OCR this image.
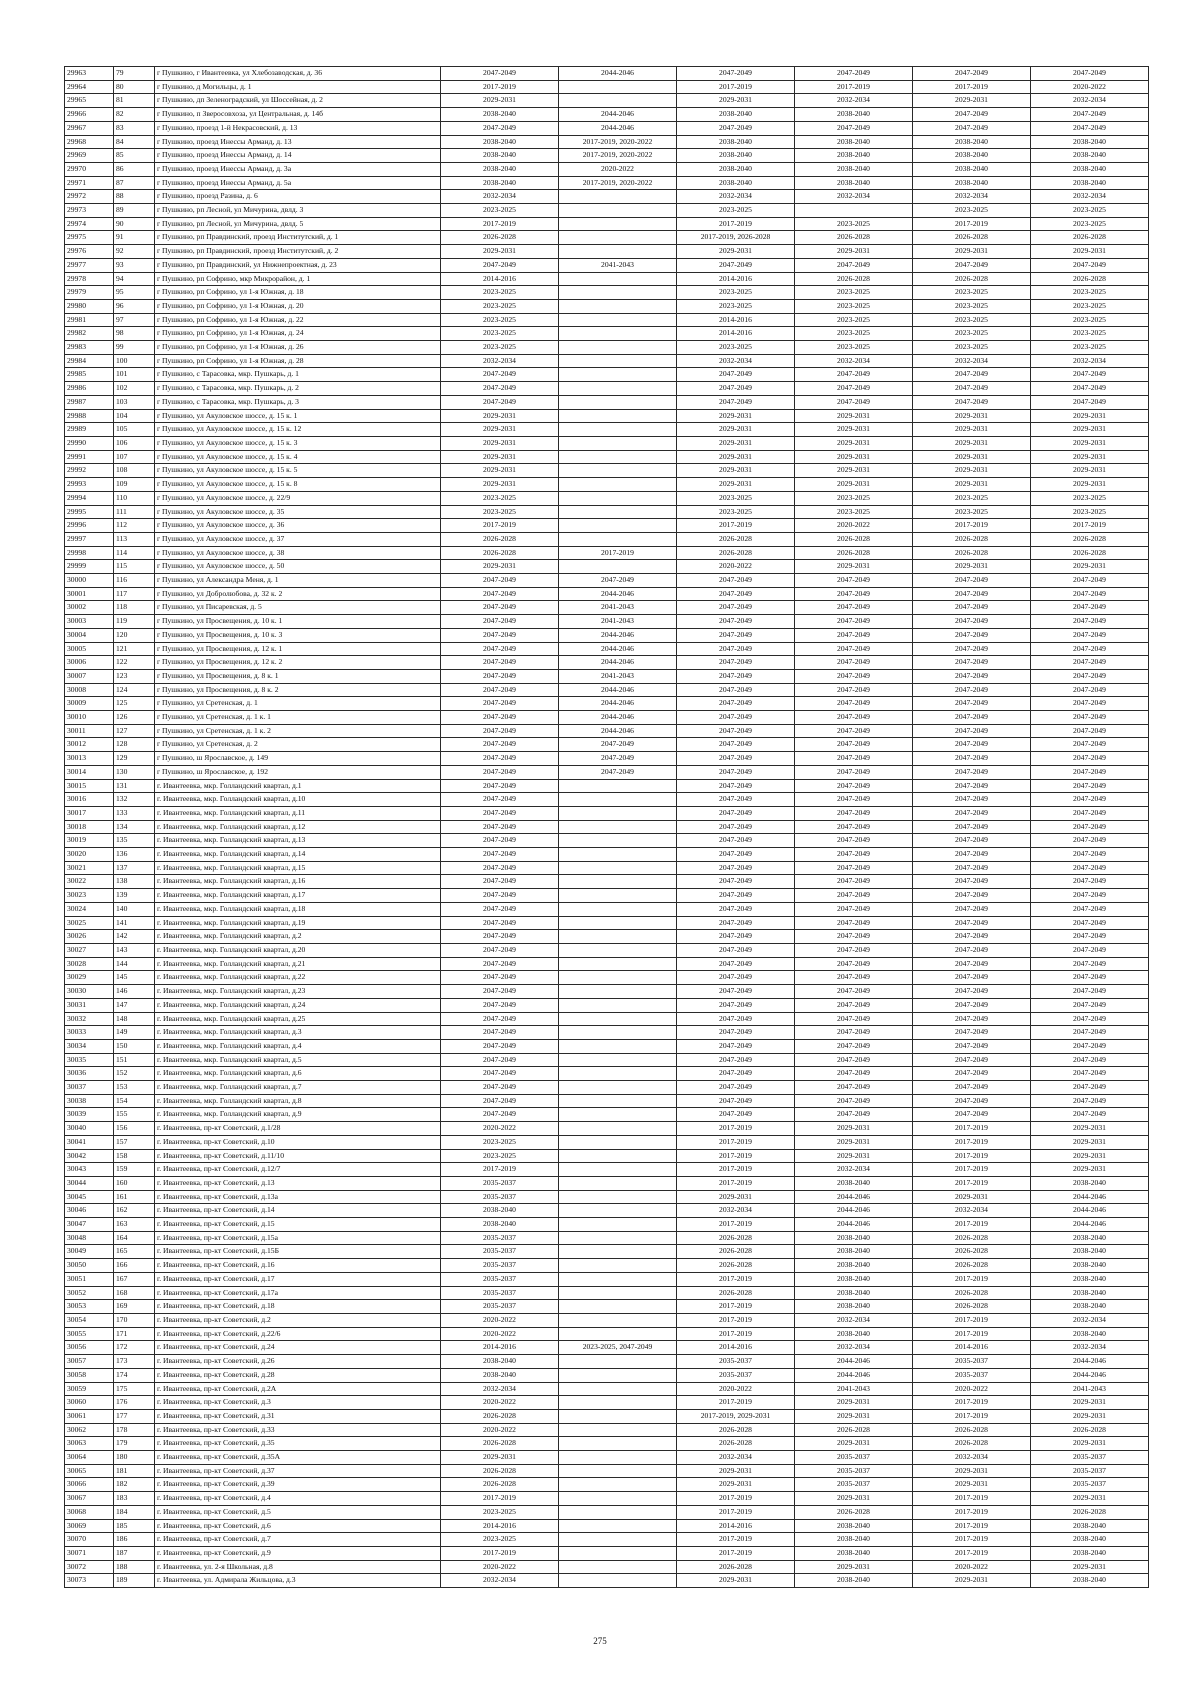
29963	79	г Пушкино, г Ивантеевка, ул Хлебозаводская, д. 36	2047-2049	2044-2046	2047-2049	2047-2049	2047-2049	2047-2049
29964	80	г Пушкино, д Могильцы, д. 1	2017-2019		2017-2019	2017-2019	2017-2019	2020-2022
29965	81	г Пушкино, дп Зеленоградский, ул Шоссейная, д. 2	2029-2031		2029-2031	2032-2034	2029-2031	2032-2034
29966	82	г Пушкино, п Зверосовхоза, ул Центральная, д. 14б	2038-2040	2044-2046	2038-2040	2038-2040	2047-2049	2047-2049
29967	83	г Пушкино, проезд 1-й Некрасовский, д. 13	2047-2049	2044-2046	2047-2049	2047-2049	2047-2049	2047-2049
29968	84	г Пушкино, проезд Инессы Арманд, д. 13	2038-2040	2017-2019, 2020-2022	2038-2040	2038-2040	2038-2040	2038-2040
29969	85	г Пушкино, проезд Инессы Арманд, д. 14	2038-2040	2017-2019, 2020-2022	2038-2040	2038-2040	2038-2040	2038-2040
29970	86	г Пушкино, проезд Инессы Арманд, д. 3а	2038-2040	2020-2022	2038-2040	2038-2040	2038-2040	2038-2040
29971	87	г Пушкино, проезд Инессы Арманд, д. 5а	2038-2040	2017-2019, 2020-2022	2038-2040	2038-2040	2038-2040	2038-2040
29972	88	г Пушкино, проезд Разина, д. 6	2032-2034		2032-2034	2032-2034	2032-2034	2032-2034
29973	89	г Пушкино, рп Лесной, ул Мичурина, двлд. 3	2023-2025		2023-2025		2023-2025	2023-2025
29974	90	г Пушкино, рп Лесной, ул Мичурина, двлд. 5	2017-2019		2017-2019	2023-2025	2017-2019	2023-2025
29975	91	г Пушкино, рп Правдинский, проезд Институтский, д. 1	2026-2028		2017-2019, 2026-2028	2026-2028	2026-2028	2026-2028
29976	92	г Пушкино, рп Правдинский, проезд Институтский, д. 2	2029-2031		2029-2031	2029-2031	2029-2031	2029-2031
29977	93	г Пушкино, рп Правдинский, ул Нижнепроектная, д. 23	2047-2049	2041-2043	2047-2049	2047-2049	2047-2049	2047-2049
29978	94	г Пушкино, рп Софрино, мкр Микрорайон, д. 1	2014-2016		2014-2016	2026-2028	2026-2028	2026-2028
29979	95	г Пушкино, рп Софрино, ул 1-я Южная, д. 18	2023-2025		2023-2025	2023-2025	2023-2025	2023-2025
29980	96	г Пушкино, рп Софрино, ул 1-я Южная, д. 20	2023-2025		2023-2025	2023-2025	2023-2025	2023-2025
29981	97	г Пушкино, рп Софрино, ул 1-я Южная, д. 22	2023-2025		2014-2016	2023-2025	2023-2025	2023-2025
29982	98	г Пушкино, рп Софрино, ул 1-я Южная, д. 24	2023-2025		2014-2016	2023-2025	2023-2025	2023-2025
29983	99	г Пушкино, рп Софрино, ул 1-я Южная, д. 26	2023-2025		2023-2025	2023-2025	2023-2025	2023-2025
29984	100	г Пушкино, рп Софрино, ул 1-я Южная, д. 28	2032-2034		2032-2034	2032-2034	2032-2034	2032-2034
29985	101	г Пушкино, с Тарасовка, мкр. Пушкарь, д. 1	2047-2049		2047-2049	2047-2049	2047-2049	2047-2049
29986	102	г Пушкино, с Тарасовка, мкр. Пушкарь, д. 2	2047-2049		2047-2049	2047-2049	2047-2049	2047-2049
29987	103	г Пушкино, с Тарасовка, мкр. Пушкарь, д. 3	2047-2049		2047-2049	2047-2049	2047-2049	2047-2049
29988	104	г Пушкино, ул Акуловское шоссе, д. 15 к. 1	2029-2031		2029-2031	2029-2031	2029-2031	2029-2031
29989	105	г Пушкино, ул Акуловское шоссе, д. 15 к. 12	2029-2031		2029-2031	2029-2031	2029-2031	2029-2031
29990	106	г Пушкино, ул Акуловское шоссе, д. 15 к. 3	2029-2031		2029-2031	2029-2031	2029-2031	2029-2031
29991	107	г Пушкино, ул Акуловское шоссе, д. 15 к. 4	2029-2031		2029-2031	2029-2031	2029-2031	2029-2031
29992	108	г Пушкино, ул Акуловское шоссе, д. 15 к. 5	2029-2031		2029-2031	2029-2031	2029-2031	2029-2031
29993	109	г Пушкино, ул Акуловское шоссе, д. 15 к. 8	2029-2031		2029-2031	2029-2031	2029-2031	2029-2031
29994	110	г Пушкино, ул Акуловское шоссе, д. 22/9	2023-2025		2023-2025	2023-2025	2023-2025	2023-2025
29995	111	г Пушкино, ул Акуловское шоссе, д. 35	2023-2025		2023-2025	2023-2025	2023-2025	2023-2025
29996	112	г Пушкино, ул Акуловское шоссе, д. 36	2017-2019		2017-2019	2020-2022	2017-2019	2017-2019
29997	113	г Пушкино, ул Акуловское шоссе, д. 37	2026-2028		2026-2028	2026-2028	2026-2028	2026-2028
29998	114	г Пушкино, ул Акуловское шоссе, д. 38	2026-2028	2017-2019	2026-2028	2026-2028	2026-2028	2026-2028
29999	115	г Пушкино, ул Акуловское шоссе, д. 50	2029-2031		2020-2022	2029-2031	2029-2031	2029-2031
30000	116	г Пушкино, ул Александра Меня, д. 1	2047-2049	2047-2049	2047-2049	2047-2049	2047-2049	2047-2049
30001	117	г Пушкино, ул Добролюбова, д. 32 к. 2	2047-2049	2044-2046	2047-2049	2047-2049	2047-2049	2047-2049
30002	118	г Пушкино, ул Писаревская, д. 5	2047-2049	2041-2043	2047-2049	2047-2049	2047-2049	2047-2049
30003	119	г Пушкино, ул Просвещения, д. 10 к. 1	2047-2049	2041-2043	2047-2049	2047-2049	2047-2049	2047-2049
30004	120	г Пушкино, ул Просвещения, д. 10 к. 3	2047-2049	2044-2046	2047-2049	2047-2049	2047-2049	2047-2049
30005	121	г Пушкино, ул Просвещения, д. 12 к. 1	2047-2049	2044-2046	2047-2049	2047-2049	2047-2049	2047-2049
30006	122	г Пушкино, ул Просвещения, д. 12 к. 2	2047-2049	2044-2046	2047-2049	2047-2049	2047-2049	2047-2049
30007	123	г Пушкино, ул Просвещения, д. 8 к. 1	2047-2049	2041-2043	2047-2049	2047-2049	2047-2049	2047-2049
30008	124	г Пушкино, ул Просвещения, д. 8 к. 2	2047-2049	2044-2046	2047-2049	2047-2049	2047-2049	2047-2049
30009	125	г Пушкино, ул Сретенская, д. 1	2047-2049	2044-2046	2047-2049	2047-2049	2047-2049	2047-2049
30010	126	г Пушкино, ул Сретенская, д. 1 к. 1	2047-2049	2044-2046	2047-2049	2047-2049	2047-2049	2047-2049
30011	127	г Пушкино, ул Сретенская, д. 1 к. 2	2047-2049	2044-2046	2047-2049	2047-2049	2047-2049	2047-2049
30012	128	г Пушкино, ул Сретенская, д. 2	2047-2049	2047-2049	2047-2049	2047-2049	2047-2049	2047-2049
30013	129	г Пушкино, ш Ярославское, д. 149	2047-2049	2047-2049	2047-2049	2047-2049	2047-2049	2047-2049
30014	130	г Пушкино, ш Ярославское, д. 192	2047-2049	2047-2049	2047-2049	2047-2049	2047-2049	2047-2049
30015	131	г. Ивантеевка, мкр. Голландский квартал, д.1	2047-2049		2047-2049	2047-2049	2047-2049	2047-2049
30016	132	г. Ивантеевка, мкр. Голландский квартал, д.10	2047-2049		2047-2049	2047-2049	2047-2049	2047-2049
30017	133	г. Ивантеевка, мкр. Голландский квартал, д.11	2047-2049		2047-2049	2047-2049	2047-2049	2047-2049
30018	134	г. Ивантеевка, мкр. Голландский квартал, д.12	2047-2049		2047-2049	2047-2049	2047-2049	2047-2049
30019	135	г. Ивантеевка, мкр. Голландский квартал, д.13	2047-2049		2047-2049	2047-2049	2047-2049	2047-2049
30020	136	г. Ивантеевка, мкр. Голландский квартал, д.14	2047-2049		2047-2049	2047-2049	2047-2049	2047-2049
30021	137	г. Ивантеевка, мкр. Голландский квартал, д.15	2047-2049		2047-2049	2047-2049	2047-2049	2047-2049
30022	138	г. Ивантеевка, мкр. Голландский квартал, д.16	2047-2049		2047-2049	2047-2049	2047-2049	2047-2049
30023	139	г. Ивантеевка, мкр. Голландский квартал, д.17	2047-2049		2047-2049	2047-2049	2047-2049	2047-2049
30024	140	г. Ивантеевка, мкр. Голландский квартал, д.18	2047-2049		2047-2049	2047-2049	2047-2049	2047-2049
30025	141	г. Ивантеевка, мкр. Голландский квартал, д.19	2047-2049		2047-2049	2047-2049	2047-2049	2047-2049
30026	142	г. Ивантеевка, мкр. Голландский квартал, д.2	2047-2049		2047-2049	2047-2049	2047-2049	2047-2049
30027	143	г. Ивантеевка, мкр. Голландский квартал, д.20	2047-2049		2047-2049	2047-2049	2047-2049	2047-2049
30028	144	г. Ивантеевка, мкр. Голландский квартал, д.21	2047-2049		2047-2049	2047-2049	2047-2049	2047-2049
30029	145	г. Ивантеевка, мкр. Голландский квартал, д.22	2047-2049		2047-2049	2047-2049	2047-2049	2047-2049
30030	146	г. Ивантеевка, мкр. Голландский квартал, д.23	2047-2049		2047-2049	2047-2049	2047-2049	2047-2049
30031	147	г. Ивантеевка, мкр. Голландский квартал, д.24	2047-2049		2047-2049	2047-2049	2047-2049	2047-2049
30032	148	г. Ивантеевка, мкр. Голландский квартал, д.25	2047-2049		2047-2049	2047-2049	2047-2049	2047-2049
30033	149	г. Ивантеевка, мкр. Голландский квартал, д.3	2047-2049		2047-2049	2047-2049	2047-2049	2047-2049
30034	150	г. Ивантеевка, мкр. Голландский квартал, д.4	2047-2049		2047-2049	2047-2049	2047-2049	2047-2049
30035	151	г. Ивантеевка, мкр. Голландский квартал, д.5	2047-2049		2047-2049	2047-2049	2047-2049	2047-2049
30036	152	г. Ивантеевка, мкр. Голландский квартал, д.6	2047-2049		2047-2049	2047-2049	2047-2049	2047-2049
30037	153	г. Ивантеевка, мкр. Голландский квартал, д.7	2047-2049		2047-2049	2047-2049	2047-2049	2047-2049
30038	154	г. Ивантеевка, мкр. Голландский квартал, д.8	2047-2049		2047-2049	2047-2049	2047-2049	2047-2049
30039	155	г. Ивантеевка, мкр. Голландский квартал, д.9	2047-2049		2047-2049	2047-2049	2047-2049	2047-2049
30040	156	г. Ивантеевка, пр-кт Советский, д.1/28	2020-2022		2017-2019	2029-2031	2017-2019	2029-2031
30041	157	г. Ивантеевка, пр-кт Советский, д.10	2023-2025		2017-2019	2029-2031	2017-2019	2029-2031
30042	158	г. Ивантеевка, пр-кт Советский, д.11/10	2023-2025		2017-2019	2029-2031	2017-2019	2029-2031
30043	159	г. Ивантеевка, пр-кт Советский, д.12/7	2017-2019		2017-2019	2032-2034	2017-2019	2029-2031
30044	160	г. Ивантеевка, пр-кт Советский, д.13	2035-2037		2017-2019	2038-2040	2017-2019	2038-2040
30045	161	г. Ивантеевка, пр-кт Советский, д.13а	2035-2037		2029-2031	2044-2046	2029-2031	2044-2046
30046	162	г. Ивантеевка, пр-кт Советский, д.14	2038-2040		2032-2034	2044-2046	2032-2034	2044-2046
30047	163	г. Ивантеевка, пр-кт Советский, д.15	2038-2040		2017-2019	2044-2046	2017-2019	2044-2046
30048	164	г. Ивантеевка, пр-кт Советский, д.15а	2035-2037		2026-2028	2038-2040	2026-2028	2038-2040
30049	165	г. Ивантеевка, пр-кт Советский, д.15Б	2035-2037		2026-2028	2038-2040	2026-2028	2038-2040
30050	166	г. Ивантеевка, пр-кт Советский, д.16	2035-2037		2026-2028	2038-2040	2026-2028	2038-2040
30051	167	г. Ивантеевка, пр-кт Советский, д.17	2035-2037		2017-2019	2038-2040	2017-2019	2038-2040
30052	168	г. Ивантеевка, пр-кт Советский, д.17а	2035-2037		2026-2028	2038-2040	2026-2028	2038-2040
30053	169	г. Ивантеевка, пр-кт Советский, д.18	2035-2037		2017-2019	2038-2040	2026-2028	2038-2040
30054	170	г. Ивантеевка, пр-кт Советский, д.2	2020-2022		2017-2019	2032-2034	2017-2019	2032-2034
30055	171	г. Ивантеевка, пр-кт Советский, д.22/6	2020-2022		2017-2019	2038-2040	2017-2019	2038-2040
30056	172	г. Ивантеевка, пр-кт Советский, д.24	2014-2016	2023-2025, 2047-2049	2014-2016	2032-2034	2014-2016	2032-2034
30057	173	г. Ивантеевка, пр-кт Советский, д.26	2038-2040		2035-2037	2044-2046	2035-2037	2044-2046
30058	174	г. Ивантеевка, пр-кт Советский, д.28	2038-2040		2035-2037	2044-2046	2035-2037	2044-2046
30059	175	г. Ивантеевка, пр-кт Советский, д.2А	2032-2034		2020-2022	2041-2043	2020-2022	2041-2043
30060	176	г. Ивантеевка, пр-кт Советский, д.3	2020-2022		2017-2019	2029-2031	2017-2019	2029-2031
30061	177	г. Ивантеевка, пр-кт Советский, д.31	2026-2028		2017-2019, 2029-2031	2029-2031	2017-2019	2029-2031
30062	178	г. Ивантеевка, пр-кт Советский, д.33	2020-2022		2026-2028	2026-2028	2026-2028	2026-2028
30063	179	г. Ивантеевка, пр-кт Советский, д.35	2026-2028		2026-2028	2029-2031	2026-2028	2029-2031
30064	180	г. Ивантеевка, пр-кт Советский, д.35А	2029-2031		2032-2034	2035-2037	2032-2034	2035-2037
30065	181	г. Ивантеевка, пр-кт Советский, д.37	2026-2028		2029-2031	2035-2037	2029-2031	2035-2037
30066	182	г. Ивантеевка, пр-кт Советский, д.39	2026-2028		2029-2031	2035-2037	2029-2031	2035-2037
30067	183	г. Ивантеевка, пр-кт Советский, д.4	2017-2019		2017-2019	2029-2031	2017-2019	2029-2031
30068	184	г. Ивантеевка, пр-кт Советский, д.5	2023-2025		2017-2019	2026-2028	2017-2019	2026-2028
30069	185	г. Ивантеевка, пр-кт Советский, д.6	2014-2016		2014-2016	2038-2040	2017-2019	2038-2040
30070	186	г. Ивантеевка, пр-кт Советский, д.7	2023-2025		2017-2019	2038-2040	2017-2019	2038-2040
30071	187	г. Ивантеевка, пр-кт Советский, д.9	2017-2019		2017-2019	2038-2040	2017-2019	2038-2040
30072	188	г. Ивантеевка, ул. 2-я Школьная, д.8	2020-2022		2026-2028	2029-2031	2020-2022	2029-2031
30073	189	г. Ивантеевка, ул. Адмирала Жильцова, д.3	2032-2034		2029-2031	2038-2040	2029-2031	2038-2040
275
